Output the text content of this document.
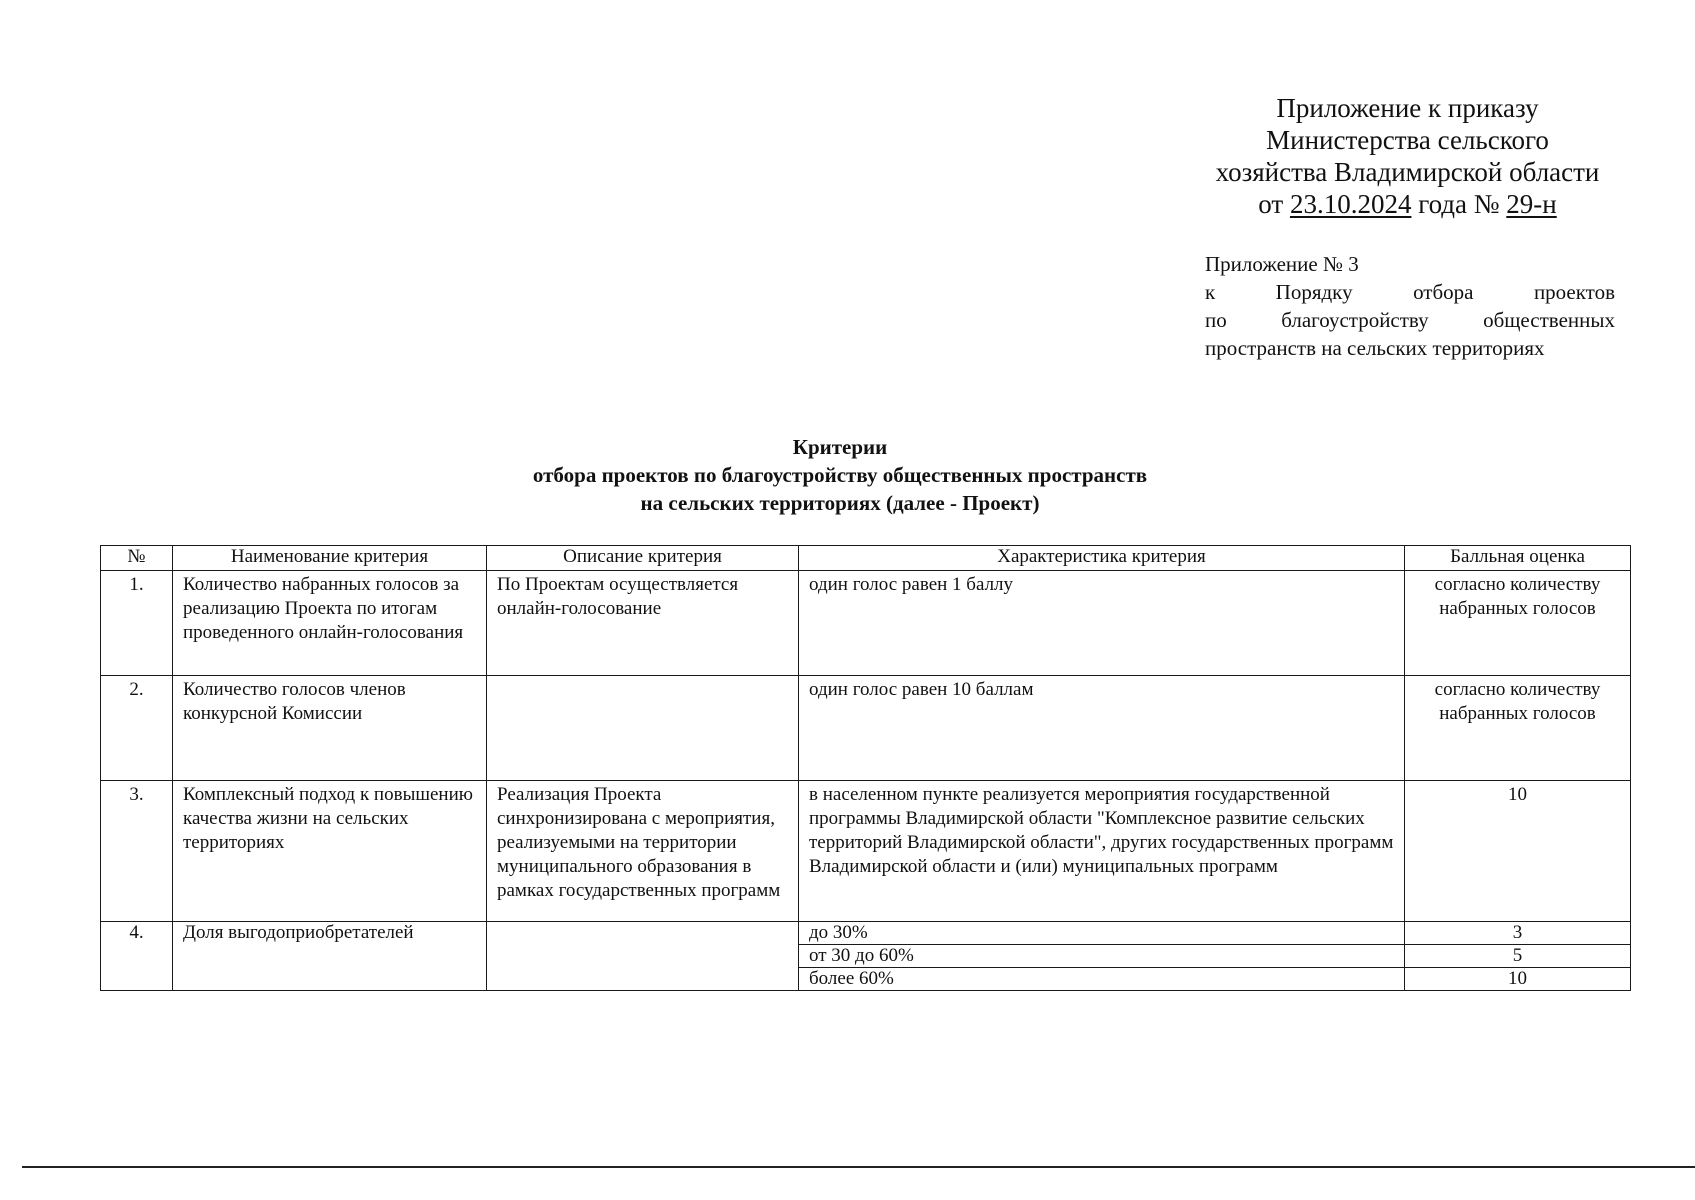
Приложение к приказу
Министерства сельского
хозяйства Владимирской области
от 23.10.2024 года № 29-н
Приложение № 3
к	Порядку	отбора	проектов
по	благоустройству	общественных
пространств на сельских территориях
Критерии
отбора проектов по благоустройству общественных пространств
на сельских территориях (далее - Проект)
№	Наименование критерия	Описание критерия	Характеристика критерия	Балльная оценка
1.	Количество набранных голосов за реализацию Проекта по итогам проведенного онлайн-голосования	По Проектам осуществляется онлайн-голосование	один голос равен 1 баллу	согласно количеству набранных голосов
2.	Количество голосов членов конкурсной Комиссии		один голос равен 10 баллам	согласно количеству набранных голосов
3.	Комплексный подход к повышению качества жизни на сельских территориях	Реализация Проекта синхронизирована с мероприятия, реализуемыми на территории муниципального образования в рамках государственных программ	в населенном пункте реализуется мероприятия государственной программы Владимирской области "Комплексное развитие сельских территорий Владимирской области", других государственных программ Владимирской области и (или) муниципальных программ	10
4.	Доля выгодоприобретателей		до 30%	3
			от 30 до 60%	5
			более 60%	10
